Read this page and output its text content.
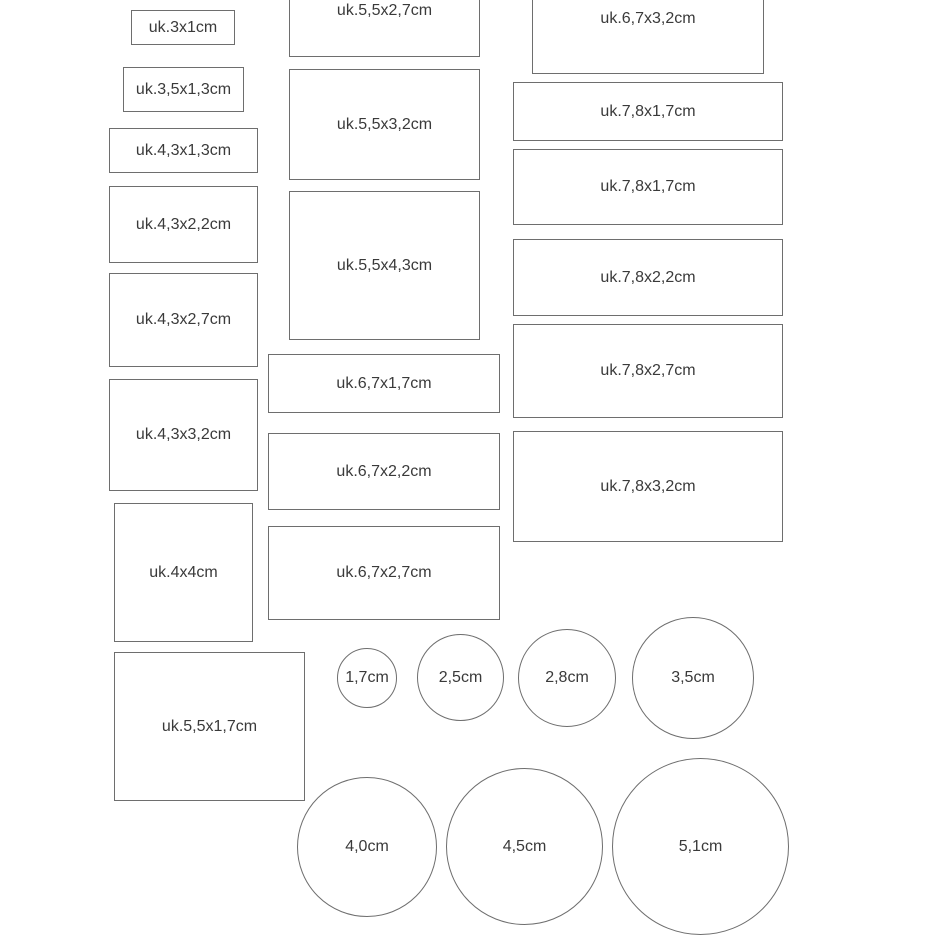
uk.3x1cm
uk.3,5x1,3cm
uk.4,3x1,3cm
uk.4,3x2,2cm
uk.4,3x2,7cm
uk.4,3x3,2cm
uk.4x4cm
uk.5,5x1,7cm
uk.5,5x2,7cm
uk.5,5x3,2cm
uk.5,5x4,3cm
uk.6,7x1,7cm
uk.6,7x2,2cm
uk.6,7x2,7cm
uk.6,7x3,2cm
uk.7,8x1,7cm
uk.7,8x1,7cm
uk.7,8x2,2cm
uk.7,8x2,7cm
uk.7,8x3,2cm
1,7cm	2,5cm	2,8cm	3,5cm
4,0cm	4,5cm	5,1cm
